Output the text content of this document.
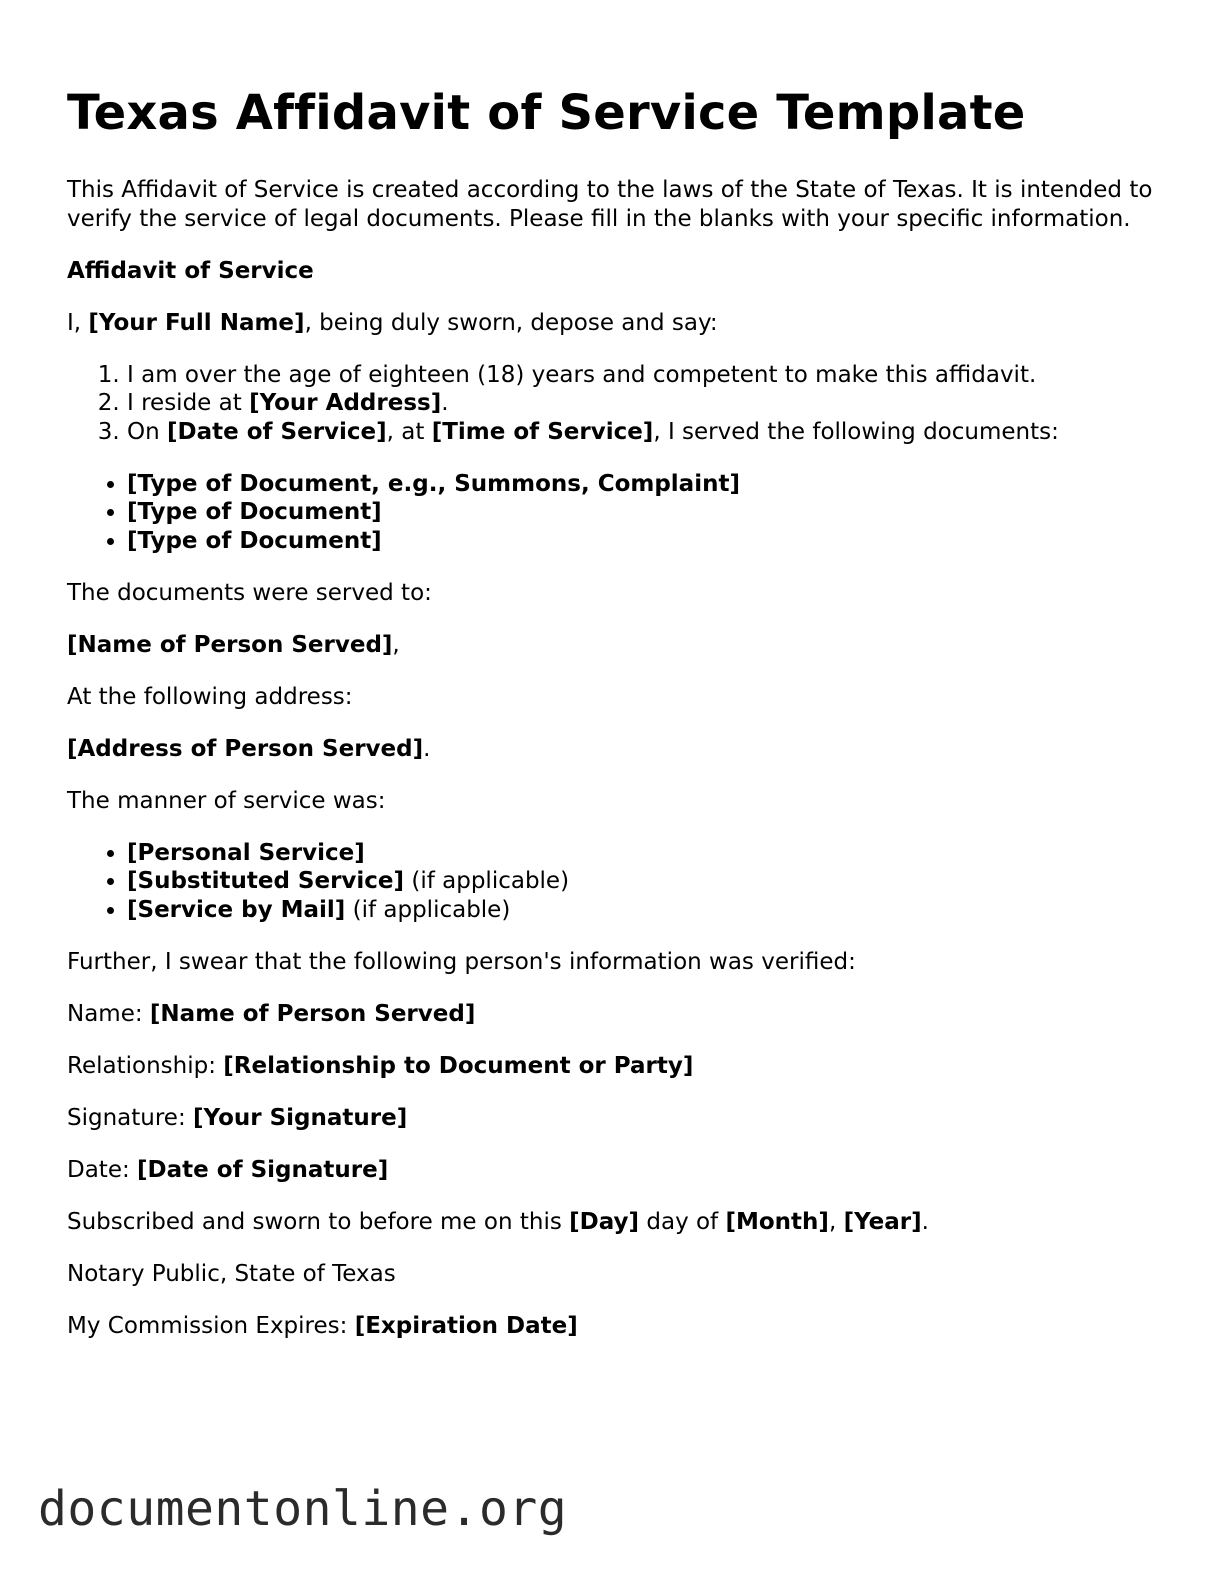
Texas Affidavit of Service Template

This Affidavit of Service is created according to the laws of the State of Texas. It is intended to verify the service of legal documents. Please fill in the blanks with your specific information.

Affidavit of Service

I, [Your Full Name], being duly sworn, depose and say:

1. I am over the age of eighteen (18) years and competent to make this affidavit.
2. I reside at [Your Address].
3. On [Date of Service], at [Time of Service], I served the following documents:
• [Type of Document, e.g., Summons, Complaint]
• [Type of Document]
• [Type of Document]

The documents were served to:

[Name of Person Served],

At the following address:

[Address of Person Served].

The manner of service was:

• [Personal Service]
• [Substituted Service] (if applicable)
• [Service by Mail] (if applicable)

Further, I swear that the following person's information was verified:

Name: [Name of Person Served]

Relationship: [Relationship to Document or Party]

Signature: [Your Signature]

Date: [Date of Signature]

Subscribed and sworn to before me on this [Day] day of [Month], [Year].

Notary Public, State of Texas

My Commission Expires: [Expiration Date]

documentonline.org
